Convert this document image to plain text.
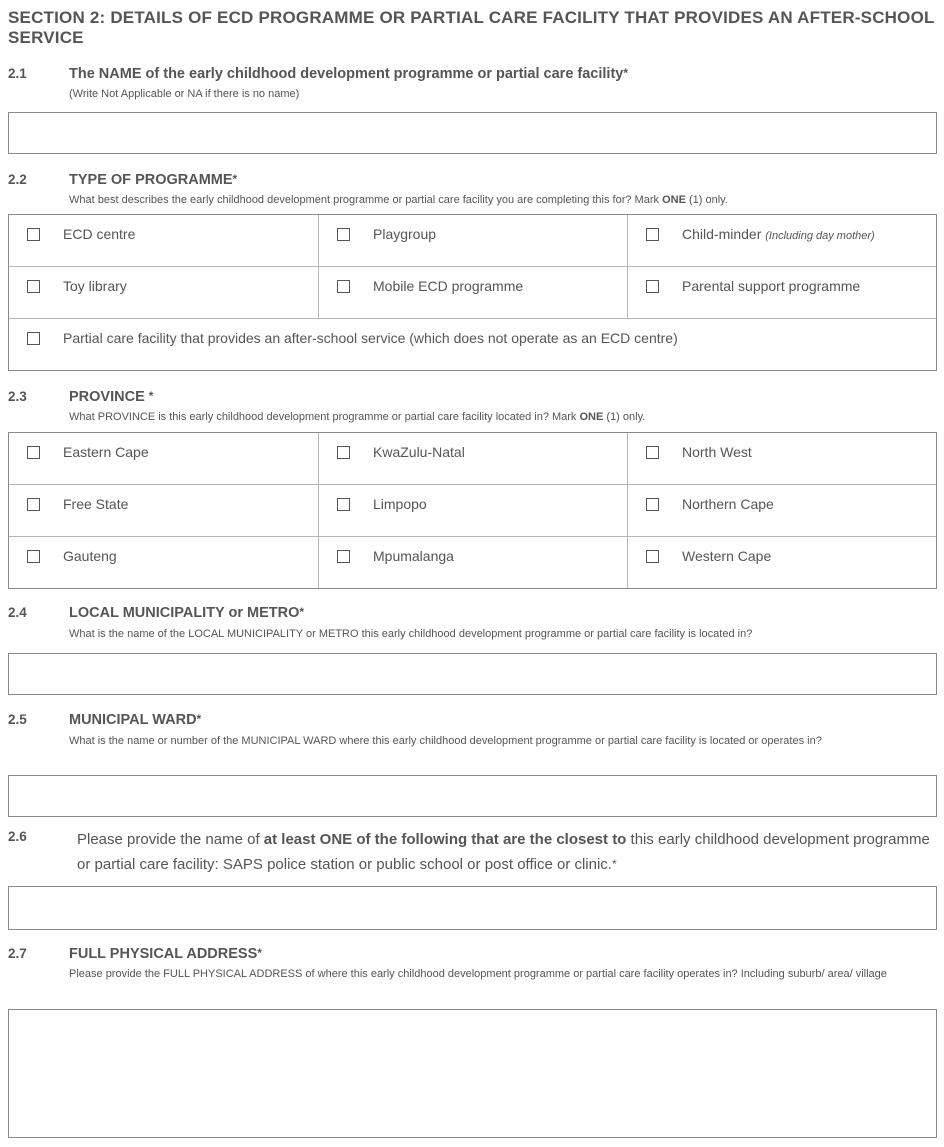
SECTION 2: DETAILS OF ECD PROGRAMME OR PARTIAL CARE FACILITY THAT PROVIDES AN AFTER-SCHOOL SERVICE
2.1	The NAME of the early childhood development programme or partial care facility*
(Write Not Applicable or NA if there is no name)
2.2	TYPE OF PROGRAMME*
What best describes the early childhood development programme or partial care facility you are completing this for? Mark ONE (1) only.
ECD centre	Playgroup	Child-minder (Including day mother)
Toy library	Mobile ECD programme	Parental support programme
Partial care facility that provides an after-school service (which does not operate as an ECD centre)
2.3	PROVINCE *
What PROVINCE is this early childhood development programme or partial care facility located in? Mark ONE (1) only.
Eastern Cape	KwaZulu-Natal	North West
Free State	Limpopo	Northern Cape
Gauteng	Mpumalanga	Western Cape
2.4	LOCAL MUNICIPALITY or METRO*
What is the name of the LOCAL MUNICIPALITY or METRO this early childhood development programme or partial care facility is located in?
2.5	MUNICIPAL WARD*
What is the name or number of the MUNICIPAL WARD where this early childhood development programme or partial care facility is located or operates in?
2.6	Please provide the name of at least ONE of the following that are the closest to this early childhood development programme or partial care facility: SAPS police station or public school or post office or clinic.*
2.7	FULL PHYSICAL ADDRESS*
Please provide the FULL PHYSICAL ADDRESS of where this early childhood development programme or partial care facility operates in? Including suburb/ area/ village
